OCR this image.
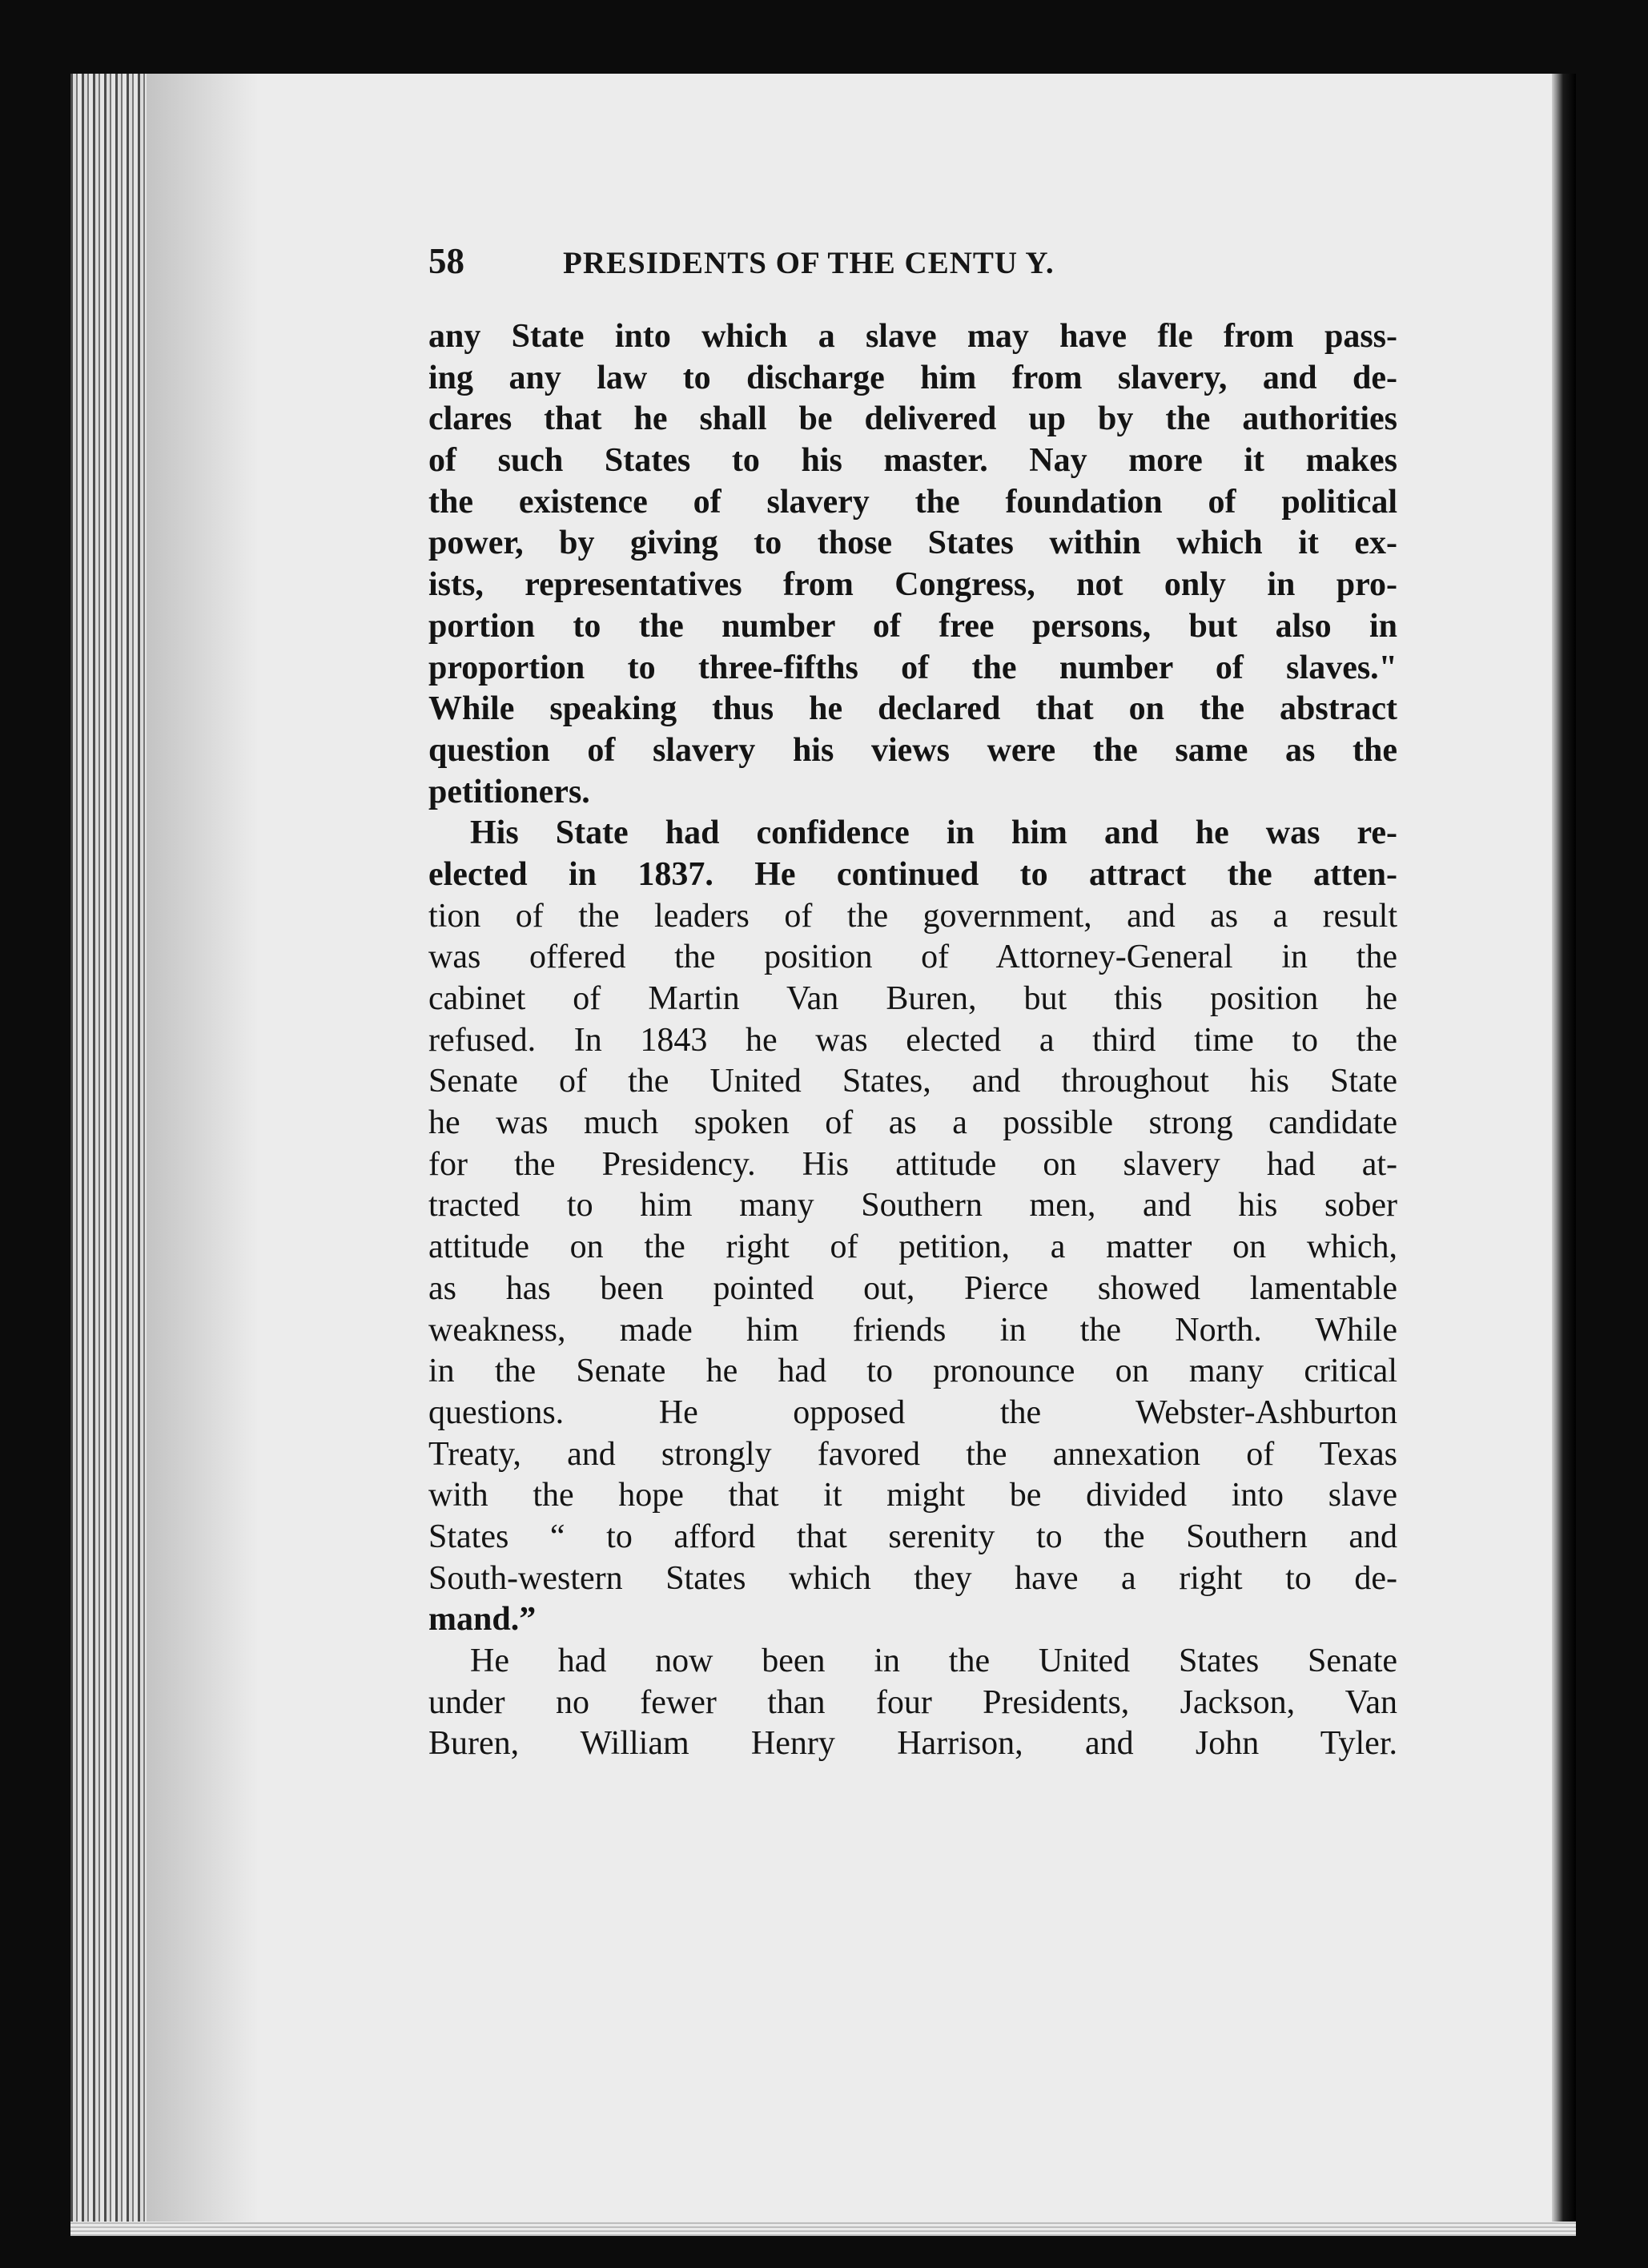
58	PRESIDENTS OF THE CENTU Y.
any State into which a slave may have fle from pass-
ing any law to discharge him from slavery, and de-
clares that he shall be delivered up by the authorities
of such States to his master. Nay more it makes
the existence of slavery the foundation of political
power, by giving to those States within which it ex-
ists, representatives from Congress, not only in pro-
portion to the number of free persons, but also in
proportion to three-fifths of the number of slaves."
While speaking thus he declared that on the abstract
question of slavery his views were the same as the
petitioners.
His State had confidence in him and he was re-
elected in 1837. He continued to attract the atten-
tion of the leaders of the government, and as a result
was offered the position of Attorney-General in the
cabinet of Martin Van Buren, but this position he
refused. In 1843 he was elected a third time to the
Senate of the United States, and throughout his State
he was much spoken of as a possible strong candidate
for the Presidency. His attitude on slavery had at-
tracted to him many Southern men, and his sober
attitude on the right of petition, a matter on which,
as has been pointed out, Pierce showed lamentable
weakness, made him friends in the North. While
in the Senate he had to pronounce on many critical
questions. He opposed the Webster-Ashburton
Treaty, and strongly favored the annexation of Texas
with the hope that it might be divided into slave
States “ to afford that serenity to the Southern and
South-western States which they have a right to de-
mand.”
He had now been in the United States Senate
under no fewer than four Presidents, Jackson, Van
Buren, William Henry Harrison, and John Tyler.
